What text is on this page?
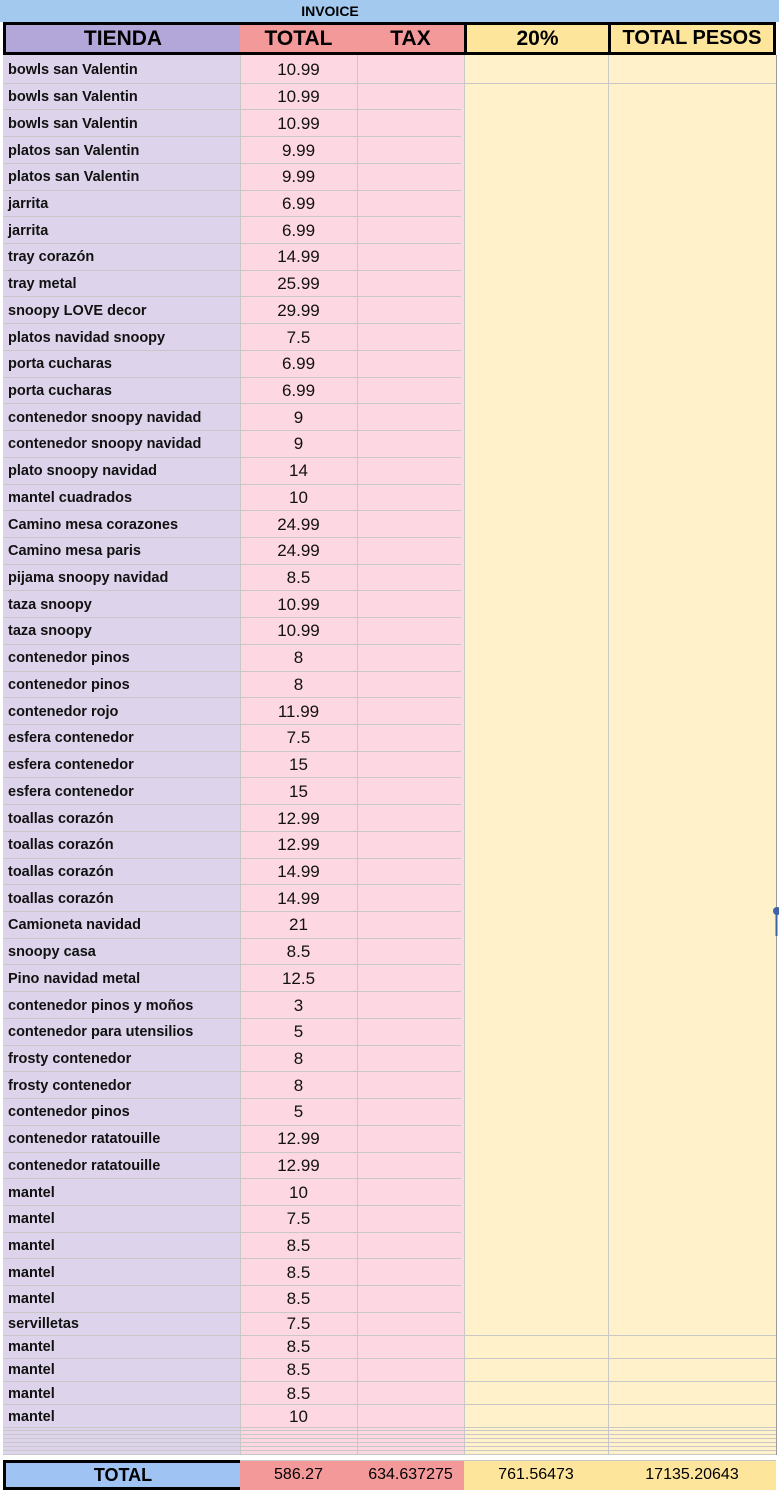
INVOICE
TIENDA	TOTAL	TAX	20%	TOTAL PESOS
bowls san Valentin	10.99
bowls san Valentin	10.99
bowls san Valentin	10.99
platos san Valentin	9.99
platos san Valentin	9.99
jarrita	6.99
jarrita	6.99
tray corazón	14.99
tray metal	25.99
snoopy LOVE decor	29.99
platos navidad snoopy	7.5
porta cucharas	6.99
porta cucharas	6.99
contenedor snoopy navidad	9
contenedor snoopy navidad	9
plato snoopy navidad	14
mantel cuadrados	10
Camino mesa corazones	24.99
Camino mesa paris	24.99
pijama snoopy navidad	8.5
taza snoopy	10.99
taza snoopy	10.99
contenedor pinos	8
contenedor pinos	8
contenedor rojo	11.99
esfera contenedor	7.5
esfera contenedor	15
esfera contenedor	15
toallas corazón	12.99
toallas corazón	12.99
toallas corazón	14.99
toallas corazón	14.99
Camioneta navidad	21
snoopy casa	8.5
Pino navidad metal	12.5
contenedor pinos y moños	3
contenedor para utensilios	5
frosty contenedor	8
frosty contenedor	8
contenedor pinos	5
contenedor ratatouille	12.99
contenedor ratatouille	12.99
mantel	10
mantel	7.5
mantel	8.5
mantel	8.5
mantel	8.5
servilletas	7.5
mantel	8.5
mantel	8.5
mantel	8.5
mantel	10
TOTAL	586.27	634.637275	761.56473	17135.20643
